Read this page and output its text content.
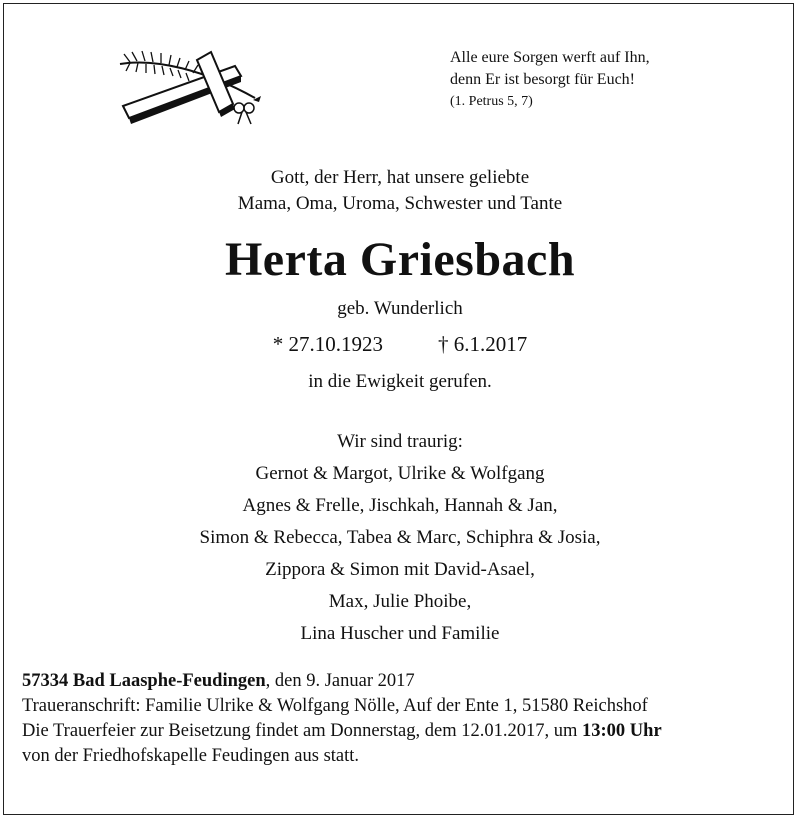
Alle eure Sorgen werft auf Ihn,
denn Er ist besorgt für Euch!
(1. Petrus 5, 7)
Gott, der Herr, hat unsere geliebte
Mama, Oma, Uroma, Schwester und Tante
Herta Griesbach
geb. Wunderlich
* 27.10.1923	† 6.1.2017
in die Ewigkeit gerufen.
Wir sind traurig:
Gernot & Margot, Ulrike & Wolfgang
Agnes & Frelle, Jischkah, Hannah & Jan,
Simon & Rebecca, Tabea & Marc, Schiphra & Josia,
Zippora & Simon mit David-Asael,
Max, Julie Phoibe,
Lina Huscher und Familie
57334 Bad Laasphe-Feudingen, den 9. Januar 2017
Traueranschrift: Familie Ulrike & Wolfgang Nölle, Auf der Ente 1, 51580 Reichshof
Die Trauerfeier zur Beisetzung findet am Donnerstag, dem 12.01.2017, um 13:00 Uhr
von der Friedhofskapelle Feudingen aus statt.
